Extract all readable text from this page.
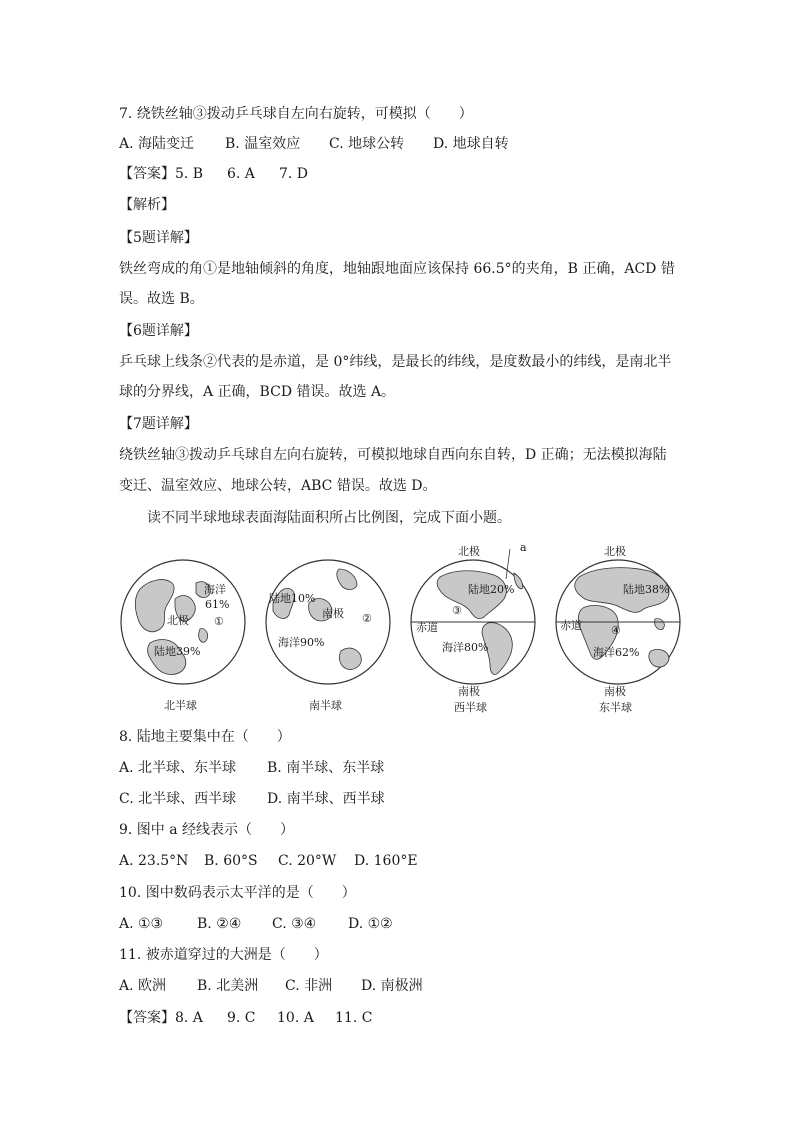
7. 绕铁丝轴③拨动乒乓球自左向右旋转，可模拟（　　）
A. 海陆变迁 B. 温室效应 C. 地球公转 D. 地球自转
【答案】5. B 6. A 7. D
【解析】
【5题详解】
铁丝弯成的角①是地轴倾斜的角度，地轴跟地面应该保持 66.5°的夹角，B 正确，ACD 错
误。故选 B。
【6题详解】
乒乓球上线条②代表的是赤道，是 0°纬线，是最长的纬线，是度数最小的纬线，是南北半
球的分界线，A 正确，BCD 错误。故选 A。
【7题详解】
绕铁丝轴③拨动乒乓球自左向右旋转，可模拟地球自西向东自转，D 正确；无法模拟海陆
变迁、温室效应、地球公转，ABC 错误。故选 D。
读不同半球地球表面海陆面积所占比例图，完成下面小题。
海洋
61%
北极 ①
陆地39%
北半球
陆地10%
南极 ②
海洋90%
南半球
北极	a
陆地20%
③
赤道
海洋80%
南极
西半球
北极
陆地38%
赤道	④
海洋62%
南极
东半球
8. 陆地主要集中在（　　）
A. 北半球、东半球 B. 南半球、东半球
C. 北半球、西半球 D. 南半球、西半球
9. 图中 a 经线表示（　　）
A. 23.5°N B. 60°S C. 20°W D. 160°E
10. 图中数码表示太平洋的是（　　）
A. ①③ B. ②④ C. ③④ D. ①②
11. 被赤道穿过的大洲是（　　）
A. 欧洲 B. 北美洲 C. 非洲 D. 南极洲
【答案】8. A 9. C 10. A 11. C
